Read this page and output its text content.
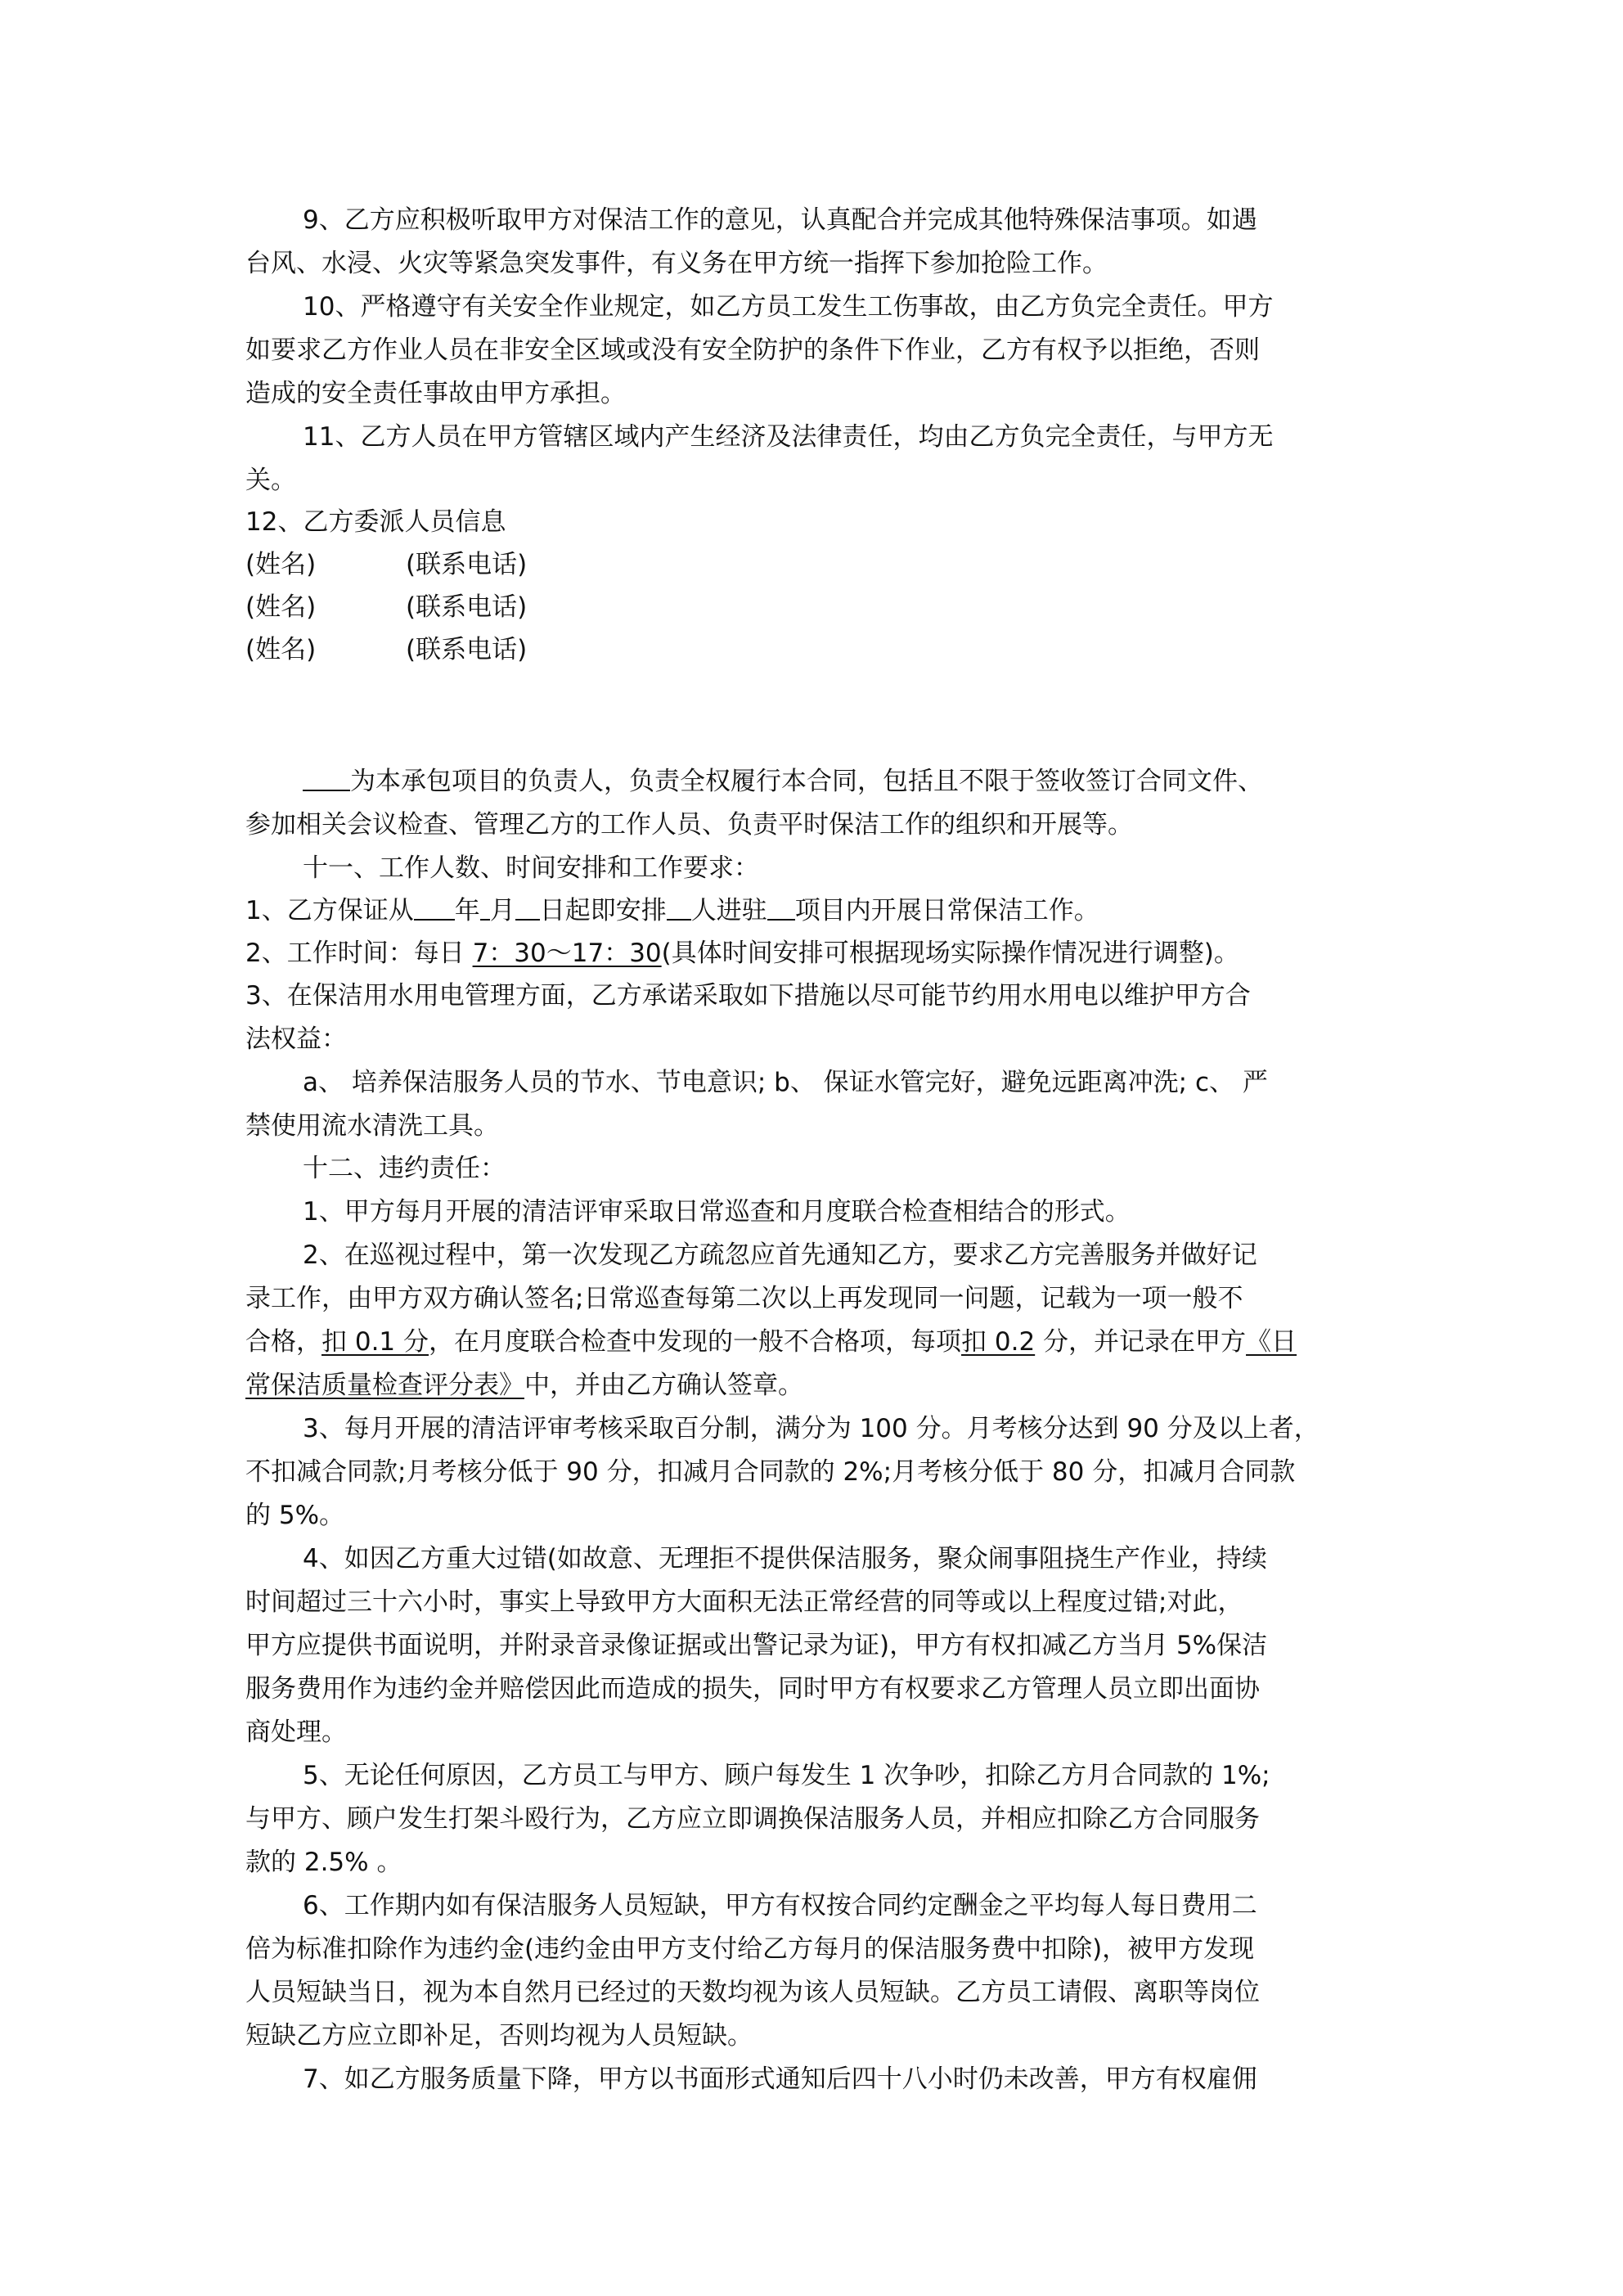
9、乙方应积极听取甲方对保洁工作的意见，认真配合并完成其他特殊保洁事项。如遇
台风、水浸、火灾等紧急突发事件，有义务在甲方统一指挥下参加抢险工作。
10、严格遵守有关安全作业规定，如乙方员工发生工伤事故，由乙方负完全责任。甲方
如要求乙方作业人员在非安全区域或没有安全防护的条件下作业，乙方有权予以拒绝，否则
造成的安全责任事故由甲方承担。
11、乙方人员在甲方管辖区域内产生经济及法律责任，均由乙方负完全责任，与甲方无
关。
12、乙方委派人员信息
(姓名)	(联系电话)
(姓名)	(联系电话)
(姓名)	(联系电话)
为本承包项目的负责人，负责全权履行本合同，包括且不限于签收签订合同文件、
参加相关会议检查、管理乙方的工作人员、负责平时保洁工作的组织和开展等。
十一、工作人数、时间安排和工作要求：
1、乙方保证从 年 月 日起即安排 人进驻 项目内开展日常保洁工作。
2、工作时间：每日 7：30～17：30(具体时间安排可根据现场实际操作情况进行调整)。
3、在保洁用水用电管理方面，乙方承诺采取如下措施以尽可能节约用水用电以维护甲方合
法权益：
a、 培养保洁服务人员的节水、节电意识; b、 保证水管完好，避免远距离冲洗; c、 严
禁使用流水清洗工具。
十二、违约责任：
1、甲方每月开展的清洁评审采取日常巡查和月度联合检查相结合的形式。
2、在巡视过程中，第一次发现乙方疏忽应首先通知乙方，要求乙方完善服务并做好记
录工作，由甲方双方确认签名;日常巡查每第二次以上再发现同一问题，记载为一项一般不
合格，扣 0.1 分，在月度联合检查中发现的一般不合格项，每项扣 0.2 分，并记录在甲方《日
常保洁质量检查评分表》中，并由乙方确认签章。
3、每月开展的清洁评审考核采取百分制，满分为 100 分。月考核分达到 90 分及以上者，
不扣减合同款;月考核分低于 90 分，扣减月合同款的 2%;月考核分低于 80 分，扣减月合同款
的 5%。
4、如因乙方重大过错(如故意、无理拒不提供保洁服务，聚众闹事阻挠生产作业，持续
时间超过三十六小时，事实上导致甲方大面积无法正常经营的同等或以上程度过错;对此，
甲方应提供书面说明，并附录音录像证据或出警记录为证)，甲方有权扣减乙方当月 5%保洁
服务费用作为违约金并赔偿因此而造成的损失，同时甲方有权要求乙方管理人员立即出面协
商处理。
5、无论任何原因，乙方员工与甲方、顾户每发生 1 次争吵，扣除乙方月合同款的 1%;
与甲方、顾户发生打架斗殴行为，乙方应立即调换保洁服务人员，并相应扣除乙方合同服务
款的 2.5% 。
6、工作期内如有保洁服务人员短缺，甲方有权按合同约定酬金之平均每人每日费用二
倍为标准扣除作为违约金(违约金由甲方支付给乙方每月的保洁服务费中扣除)，被甲方发现
人员短缺当日，视为本自然月已经过的天数均视为该人员短缺。乙方员工请假、离职等岗位
短缺乙方应立即补足，否则均视为人员短缺。
7、如乙方服务质量下降，甲方以书面形式通知后四十八小时仍未改善，甲方有权雇佣
